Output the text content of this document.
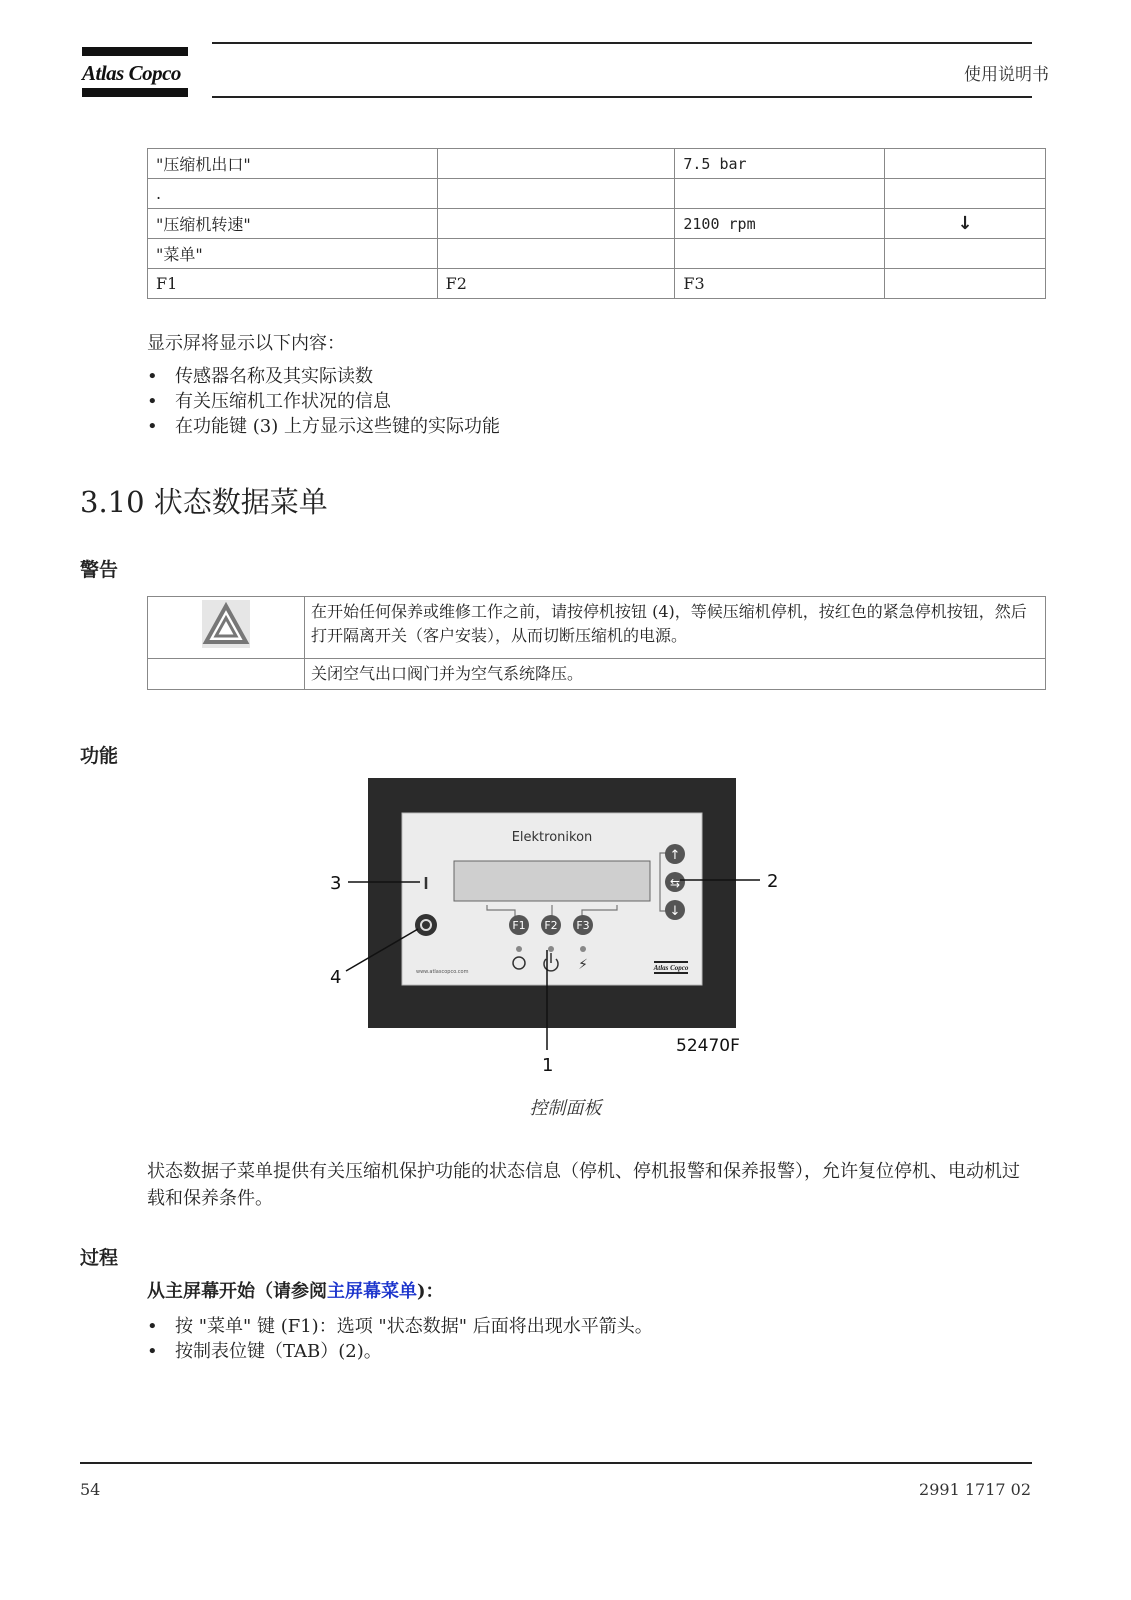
Atlas Copco	使用说明书
"压缩机出口"		7.5 bar	
.			
"压缩机转速"		2100 rpm	↓
"菜单"			
F1	F2	F3	
显示屏将显示以下内容：
• 传感器名称及其实际读数
• 有关压缩机工作状况的信息
• 在功能键 (3) 上方显示这些键的实际功能
3.10 状态数据菜单
警告
	在开始任何保养或维修工作之前，请按停机按钮 (4)，等候压缩机停机，按红色的紧急停机按钮，然后打开隔离开关（客户安装），从而切断压缩机的电源。
	关闭空气出口阀门并为空气系统降压。
功能
Elektronikon
F1 F2 F3
↑
⇆
↓
⚡
www.atlascopco.com	Atlas Copco
3	2
4
1
52470F
控制面板
状态数据子菜单提供有关压缩机保护功能的状态信息（停机、停机报警和保养报警），允许复位停机、电动机过载和保养条件。
过程
从主屏幕开始（请参阅主屏幕菜单)：
• 按 "菜单" 键 (F1)：选项 "状态数据" 后面将出现水平箭头。
• 按制表位键（TAB）(2)。
54	2991 1717 02
